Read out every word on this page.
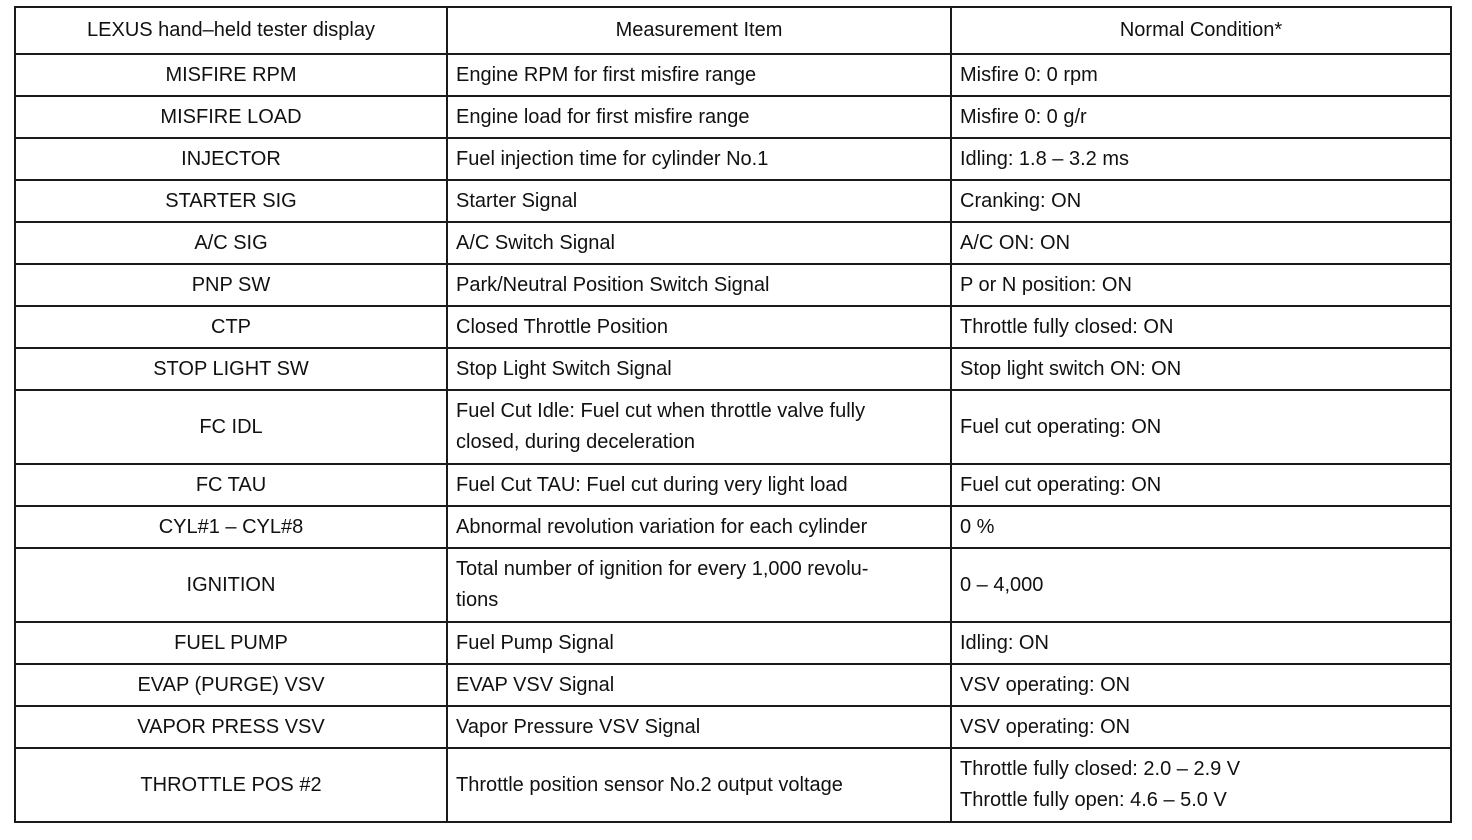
LEXUS hand–held tester display	Measurement Item	Normal Condition*
MISFIRE RPM	Engine RPM for first misfire range	Misfire 0: 0 rpm

MISFIRE LOAD	Engine load for first misfire range	Misfire 0: 0 g/r

INJECTOR	Fuel injection time for cylinder No.1	Idling: 1.8 – 3.2 ms

STARTER SIG	Starter Signal	Cranking: ON

A/C SIG	A/C Switch Signal	A/C ON: ON

PNP SW	Park/Neutral Position Switch Signal	P or N position: ON

CTP	Closed Throttle Position	Throttle fully closed: ON

STOP LIGHT SW	Stop Light Switch Signal	Stop light switch ON: ON

FC IDL	Fuel Cut Idle: Fuel cut when throttle valve fully
closed, during deceleration	Fuel cut operating: ON

FC TAU	Fuel Cut TAU: Fuel cut during very light load	Fuel cut operating: ON

CYL#1 – CYL#8	Abnormal revolution variation for each cylinder	0 %

IGNITION	Total number of ignition for every 1,000 revolu-
tions	0 – 4,000

FUEL PUMP	Fuel Pump Signal	Idling: ON

EVAP (PURGE) VSV	EVAP VSV Signal	VSV operating: ON

VAPOR PRESS VSV	Vapor Pressure VSV Signal	VSV operating: ON

THROTTLE POS #2	Throttle position sensor No.2 output voltage	Throttle fully closed: 2.0 – 2.9 V
Throttle fully open: 4.6 – 5.0 V
